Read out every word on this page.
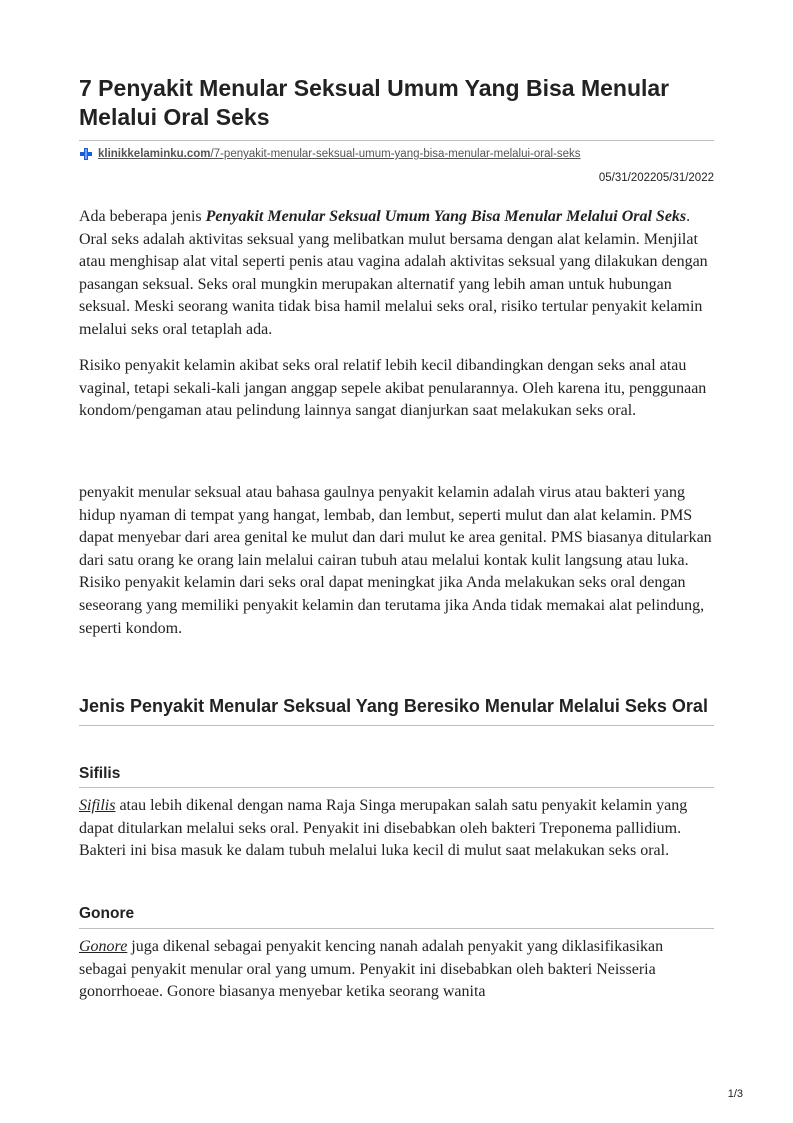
7 Penyakit Menular Seksual Umum Yang Bisa Menular Melalui Oral Seks
klinikkelaminku.com/7-penyakit-menular-seksual-umum-yang-bisa-menular-melalui-oral-seks
05/31/202205/31/2022

Ada beberapa jenis Penyakit Menular Seksual Umum Yang Bisa Menular Melalui Oral Seks. Oral seks adalah aktivitas seksual yang melibatkan mulut bersama dengan alat kelamin. Menjilat atau menghisap alat vital seperti penis atau vagina adalah aktivitas seksual yang dilakukan dengan pasangan seksual. Seks oral mungkin merupakan alternatif yang lebih aman untuk hubungan seksual. Meski seorang wanita tidak bisa hamil melalui seks oral, risiko tertular penyakit kelamin melalui seks oral tetaplah ada.

Risiko penyakit kelamin akibat seks oral relatif lebih kecil dibandingkan dengan seks anal atau vaginal, tetapi sekali-kali jangan anggap sepele akibat penularannya. Oleh karena itu, penggunaan kondom/pengaman atau pelindung lainnya sangat dianjurkan saat melakukan seks oral.

penyakit menular seksual atau bahasa gaulnya penyakit kelamin adalah virus atau bakteri yang hidup nyaman di tempat yang hangat, lembab, dan lembut, seperti mulut dan alat kelamin. PMS dapat menyebar dari area genital ke mulut dan dari mulut ke area genital. PMS biasanya ditularkan dari satu orang ke orang lain melalui cairan tubuh atau melalui kontak kulit langsung atau luka. Risiko penyakit kelamin dari seks oral dapat meningkat jika Anda melakukan seks oral dengan seseorang yang memiliki penyakit kelamin dan terutama jika Anda tidak memakai alat pelindung, seperti kondom.

Jenis Penyakit Menular Seksual Yang Beresiko Menular Melalui Seks Oral
Sifilis

Sifilis atau lebih dikenal dengan nama Raja Singa merupakan salah satu penyakit kelamin yang dapat ditularkan melalui seks oral. Penyakit ini disebabkan oleh bakteri Treponema pallidium. Bakteri ini bisa masuk ke dalam tubuh melalui luka kecil di mulut saat melakukan seks oral.

Gonore

Gonore juga dikenal sebagai penyakit kencing nanah adalah penyakit yang diklasifikasikan sebagai penyakit menular oral yang umum. Penyakit ini disebabkan oleh bakteri Neisseria gonorrhoeae. Gonore biasanya menyebar ketika seorang wanita

1/3
